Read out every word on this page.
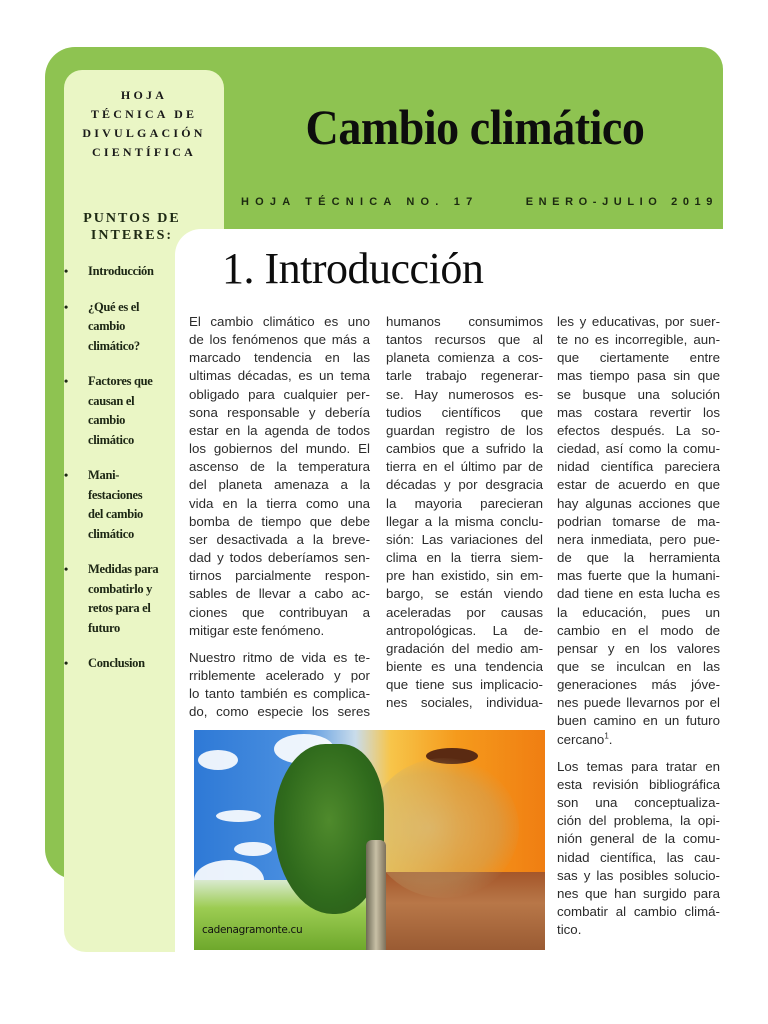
HOJA
TÉCNICA DE
DIVULGACIÓN
CIENTÍFICA	Cambio climático
HOJA TÉCNICA NO. 17	ENERO-JULIO 2019
PUNTOS DE
INTERES:
• Introducción
• ¿Qué es el
cambio
climático?
• Factores que
causan el
cambio
climático
• Mani-
festaciones
del cambio
climático
• Medidas para
combatirlo y
retos para el
futuro
• Conclusion
1. Introducción

El cambio climático es uno
de los fenómenos que más a
marcado tendencia en las
ultimas décadas, es un tema
obligado para cualquier per-
sona responsable y debería
estar en la agenda de todos
los gobiernos del mundo. El
ascenso de la temperatura
del planeta amenaza a la
vida en la tierra como una
bomba de tiempo que debe
ser desactivada a la breve-
dad y todos deberíamos sen-
tirnos parcialmente respon-
sables de llevar a cabo ac-
ciones que contribuyan a
mitigar este fenómeno.

Nuestro ritmo de vida es te-
rriblemente acelerado y por
lo tanto también es complica-
do, como especie los seres

humanos consumimos
tantos recursos que al
planeta comienza a cos-
tarle trabajo regenerar-
se. Hay numerosos es-
tudios científicos que
guardan registro de los
cambios que a sufrido la
tierra en el último par de
décadas y por desgracia
la mayoria parecieran
llegar a la misma conclu-
sión: Las variaciones del
clima en la tierra siem-
pre han existido, sin em-
bargo, se están viendo
aceleradas por causas
antropológicas. La de-
gradación del medio am-
biente es una tendencia
que tiene sus implicacio-
nes sociales, individua-

les y educativas, por suer-
te no es incorregible, aun-
que ciertamente entre
mas tiempo pasa sin que
se busque una solución
mas costara revertir los
efectos después. La so-
ciedad, así como la comu-
nidad científica pareciera
estar de acuerdo en que
hay algunas acciones que
podrian tomarse de ma-
nera inmediata, pero pue-
de que la herramienta
mas fuerte que la humani-
dad tiene en esta lucha es
la educación, pues un
cambio en el modo de
pensar y en los valores
que se inculcan en las
generaciones más jóve-
nes puede llevarnos por el
buen camino en un futuro
cercano$^1$.

Los temas para tratar en
esta revisión bibliográfica
son una conceptualiza-
ción del problema, la opi-
nión general de la comu-
nidad científica, las cau-
sas y las posibles solucio-
nes que han surgido para
combatir al cambio climá-
tico.

cadenagramonte.cu
